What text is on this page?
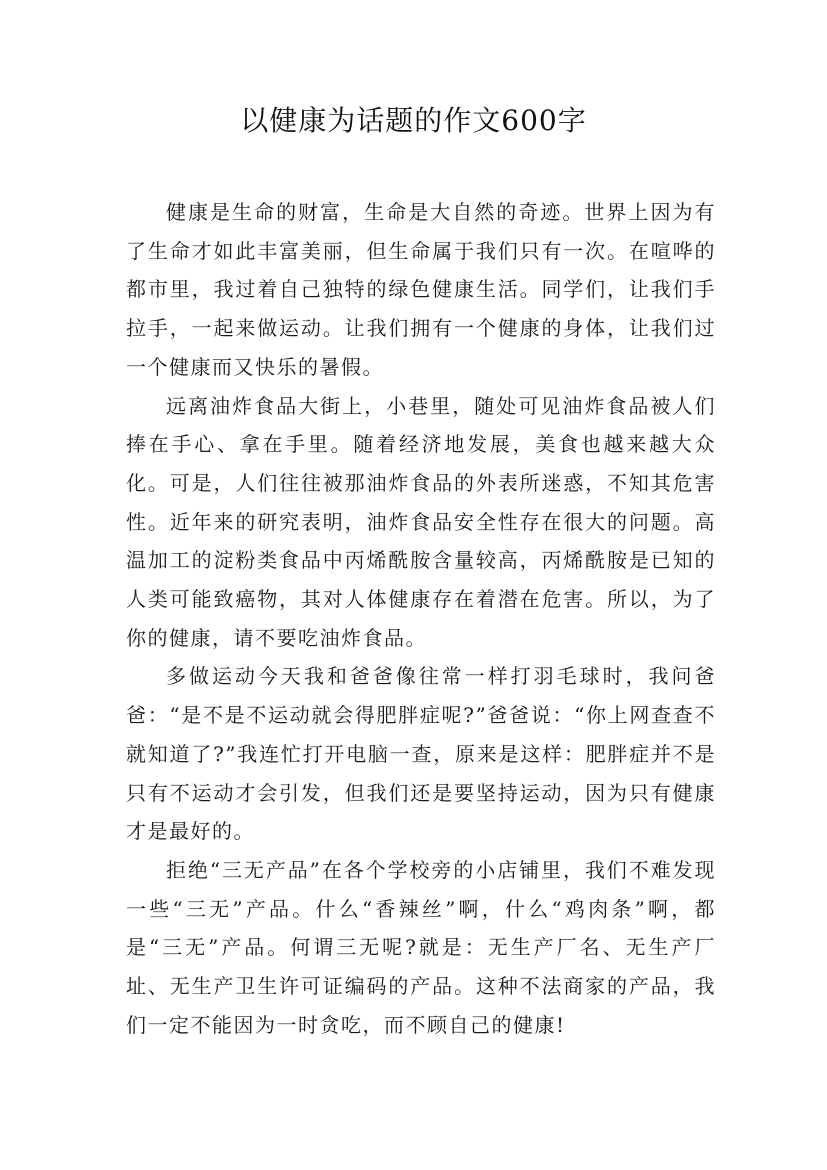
以健康为话题的作文600字

健康是生命的财富，生命是大自然的奇迹。世界上因为有了生命才如此丰富美丽，但生命属于我们只有一次。在喧哗的都市里，我过着自己独特的绿色健康生活。同学们，让我们手拉手，一起来做运动。让我们拥有一个健康的身体，让我们过一个健康而又快乐的暑假。

远离油炸食品大街上，小巷里，随处可见油炸食品被人们捧在手心、拿在手里。随着经济地发展，美食也越来越大众化。可是，人们往往被那油炸食品的外表所迷惑，不知其危害性。近年来的研究表明，油炸食品安全性存在很大的问题。高温加工的淀粉类食品中丙烯酰胺含量较高，丙烯酰胺是已知的人类可能致癌物，其对人体健康存在着潜在危害。所以，为了你的健康，请不要吃油炸食品。

多做运动今天我和爸爸像往常一样打羽毛球时，我问爸爸：“是不是不运动就会得肥胖症呢?”爸爸说：“你上网查查不就知道了?”我连忙打开电脑一查，原来是这样：肥胖症并不是只有不运动才会引发，但我们还是要坚持运动，因为只有健康才是最好的。

拒绝“三无产品”在各个学校旁的小店铺里，我们不难发现一些“三无”产品。什么“香辣丝”啊，什么“鸡肉条”啊，都是“三无”产品。何谓三无呢?就是：无生产厂名、无生产厂址、无生产卫生许可证编码的产品。这种不法商家的产品，我们一定不能因为一时贪吃，而不顾自己的健康!
